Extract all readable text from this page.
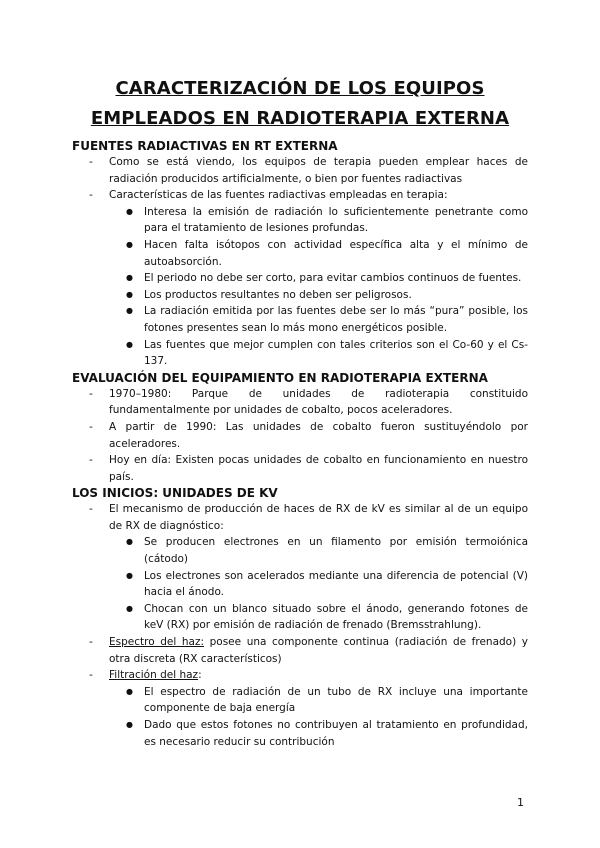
CARACTERIZACIÓN DE LOS EQUIPOS
EMPLEADOS EN RADIOTERAPIA EXTERNA
FUENTES RADIACTIVAS EN RT EXTERNA
- Como se está viendo, los equipos de terapia pueden emplear haces de radiación producidos artificialmente, o bien por fuentes radiactivas
- Características de las fuentes radiactivas empleadas en terapia:
● Interesa la emisión de radiación lo suficientemente penetrante como para el tratamiento de lesiones profundas.
● Hacen falta isótopos con actividad específica alta y el mínimo de autoabsorción.
● El periodo no debe ser corto, para evitar cambios continuos de fuentes.
● Los productos resultantes no deben ser peligrosos.
● La radiación emitida por las fuentes debe ser lo más “pura” posible, los fotones presentes sean lo más mono energéticos posible.
● Las fuentes que mejor cumplen con tales criterios son el Co-60 y el Cs-137.
EVALUACIÓN DEL EQUIPAMIENTO EN RADIOTERAPIA EXTERNA
- 1970–1980: Parque de unidades de radioterapia constituido fundamentalmente por unidades de cobalto, pocos aceleradores.
- A partir de 1990: Las unidades de cobalto fueron sustituyéndolo por aceleradores.
- Hoy en día: Existen pocas unidades de cobalto en funcionamiento en nuestro país.
LOS INICIOS: UNIDADES DE KV
- El mecanismo de producción de haces de RX de kV es similar al de un equipo de RX de diagnóstico:
● Se producen electrones en un filamento por emisión termoiónica (cátodo)
● Los electrones son acelerados mediante una diferencia de potencial (V) hacia el ánodo.
● Chocan con un blanco situado sobre el ánodo, generando fotones de keV (RX) por emisión de radiación de frenado (Bremsstrahlung).
- Espectro del haz: posee una componente continua (radiación de frenado) y otra discreta (RX característicos)
- Filtración del haz:
● El espectro de radiación de un tubo de RX incluye una importante componente de baja energía
● Dado que estos fotones no contribuyen al tratamiento en profundidad, es necesario reducir su contribución
1
